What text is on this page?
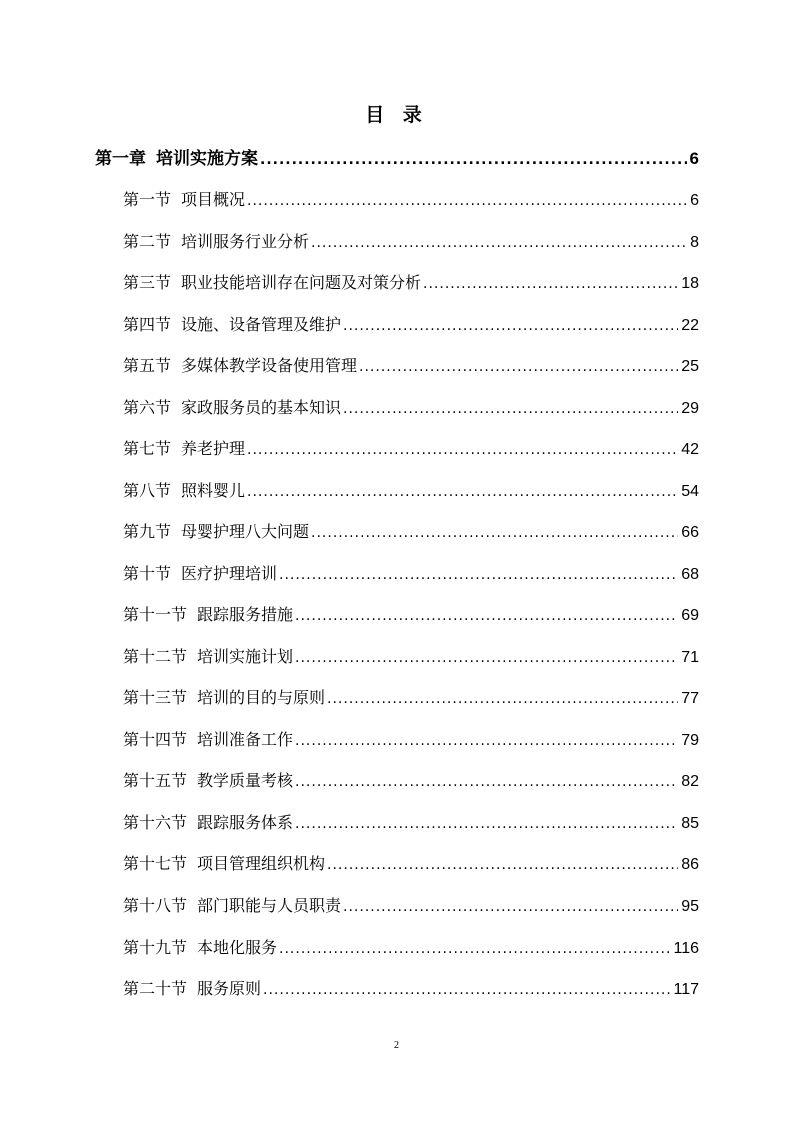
目 录
第一章 培训实施方案 .....	6
第一节 项目概况 .....	6
第二节 培训服务行业分析 .....	8
第三节 职业技能培训存在问题及对策分析 .....	18
第四节 设施、设备管理及维护 .....	22
第五节 多媒体教学设备使用管理 .....	25
第六节 家政服务员的基本知识 .....	29
第七节 养老护理 .....	42
第八节 照料婴儿 .....	54
第九节 母婴护理八大问题 .....	66
第十节 医疗护理培训 .....	68
第十一节 跟踪服务措施 .....	69
第十二节 培训实施计划 .....	71
第十三节 培训的目的与原则 .....	77
第十四节 培训准备工作 .....	79
第十五节 教学质量考核 .....	82
第十六节 跟踪服务体系 .....	85
第十七节 项目管理组织机构 .....	86
第十八节 部门职能与人员职责 .....	95
第十九节 本地化服务 .....	116
第二十节 服务原则 .....	117
2
